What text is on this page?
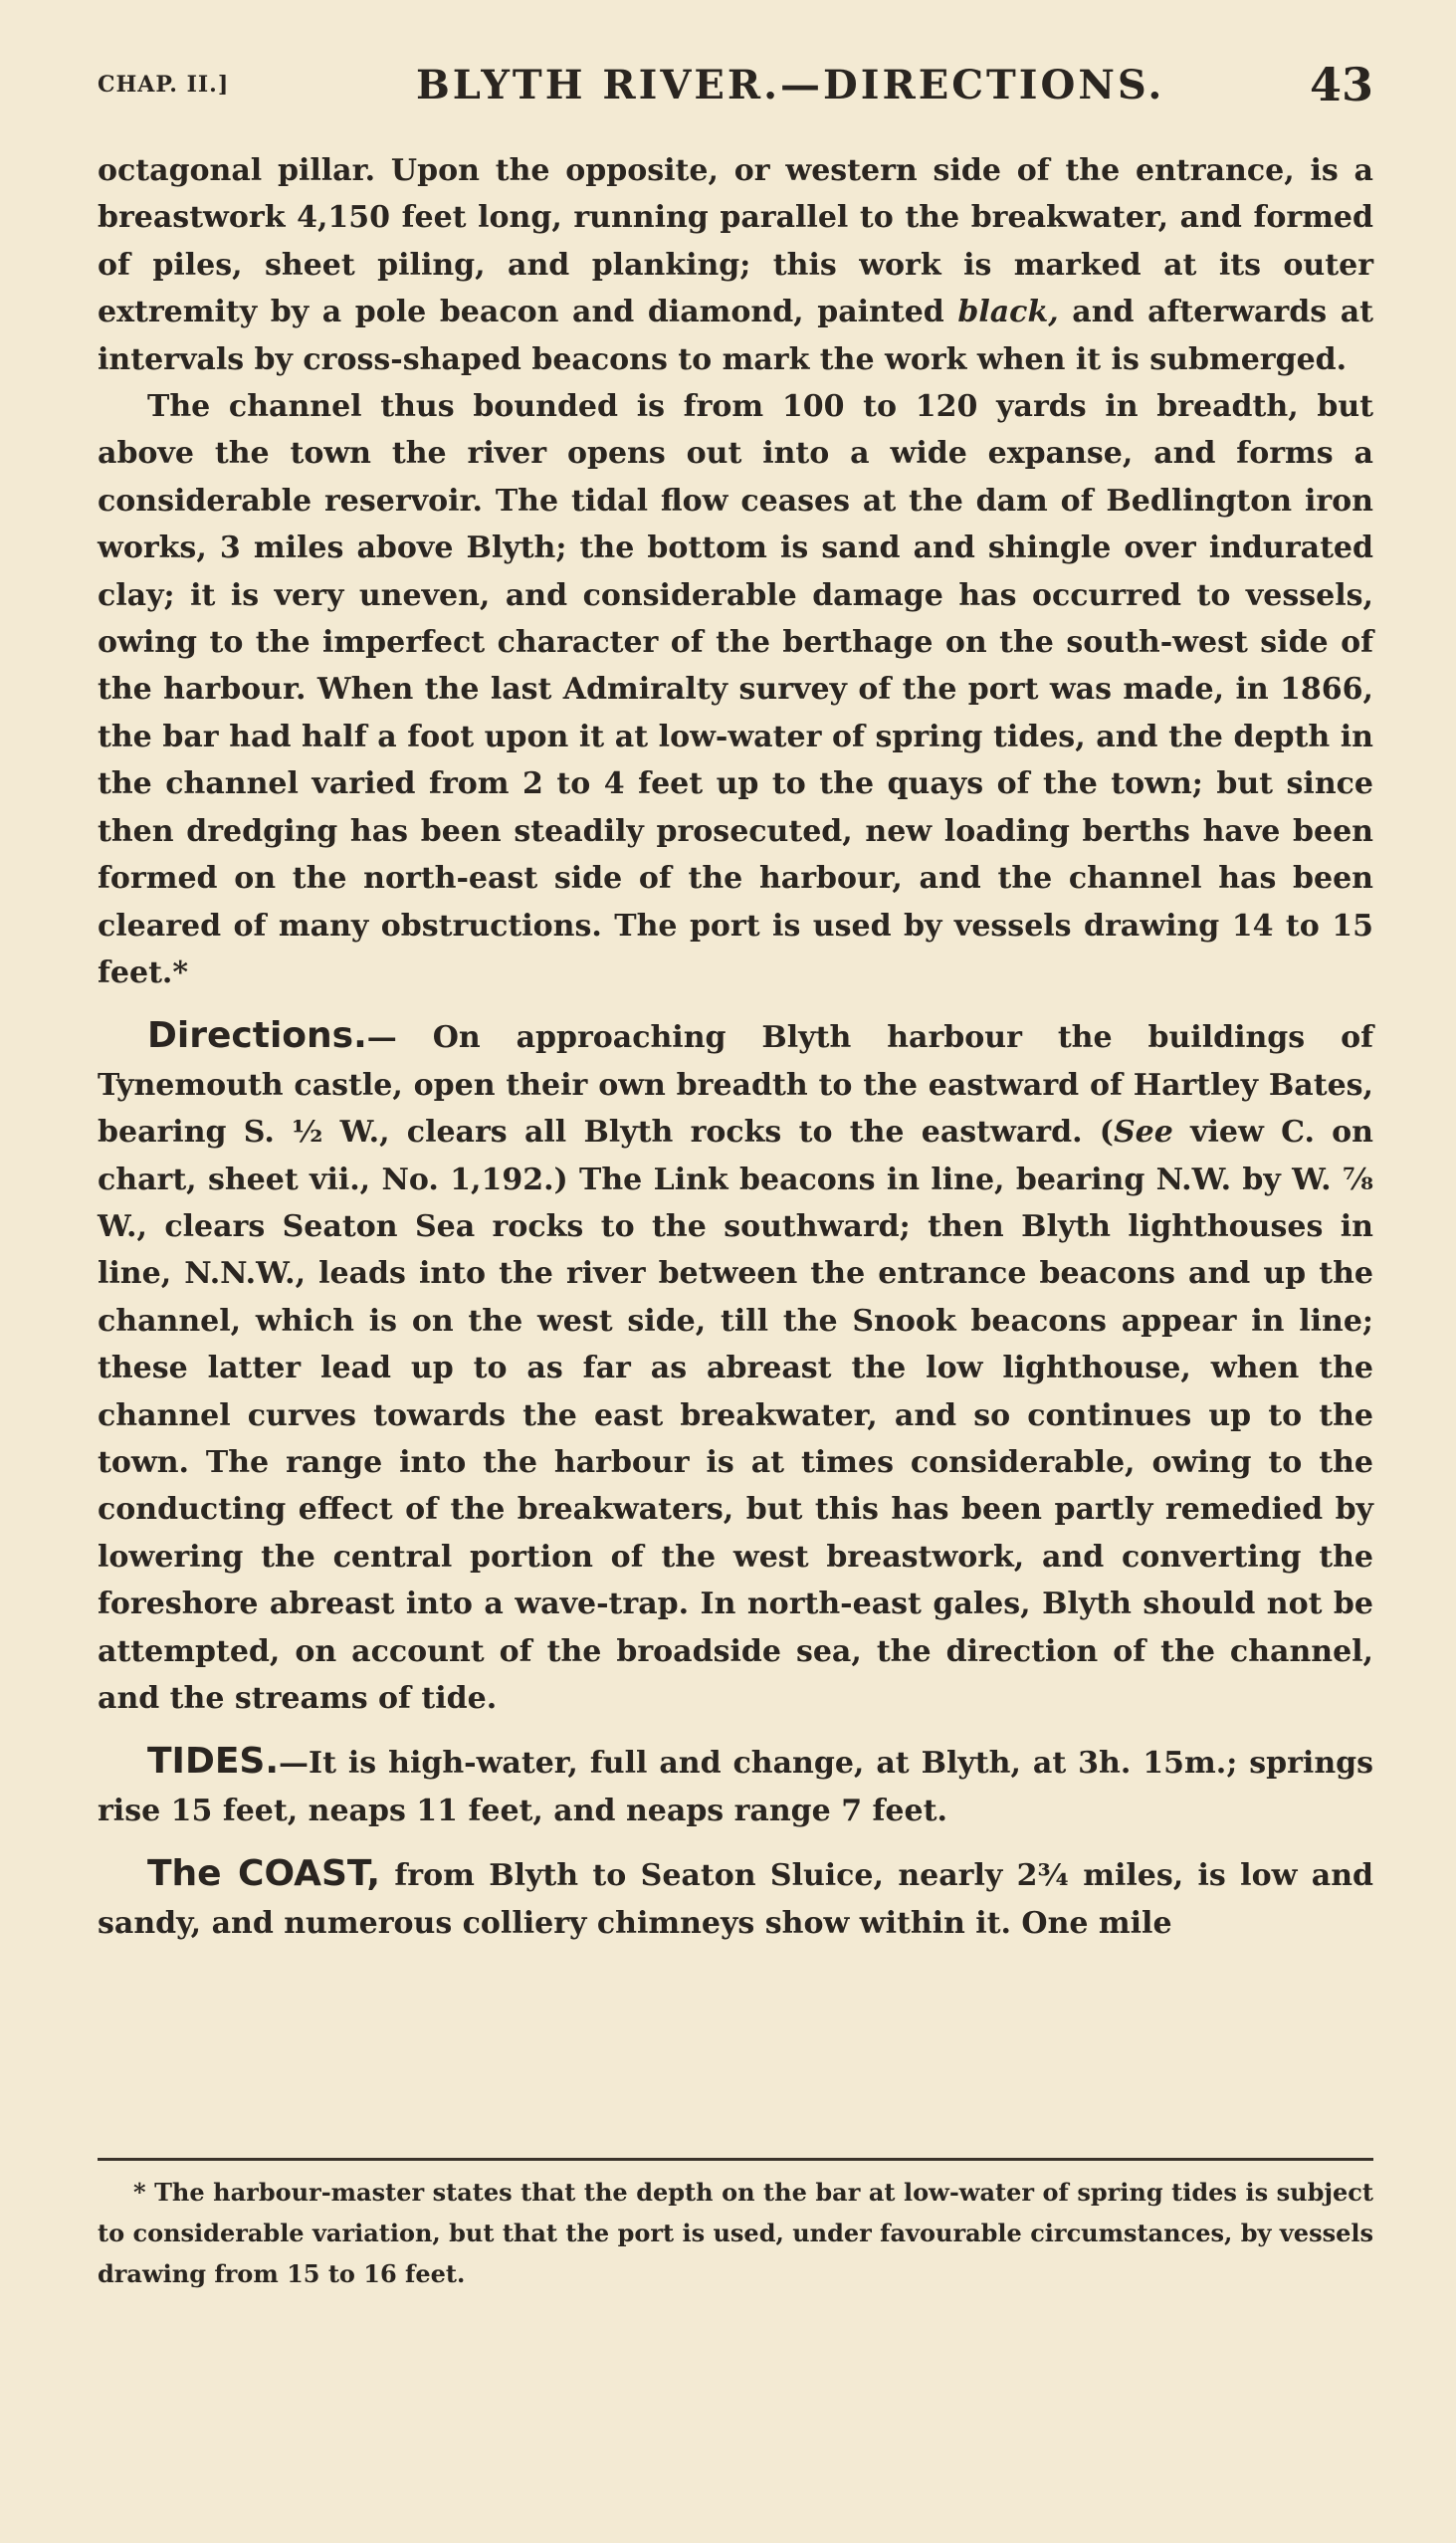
CHAP. II.]	BLYTH RIVER.—DIRECTIONS.	43

octagonal pillar. Upon the opposite, or western side of the entrance, is a breastwork 4,150 feet long, running parallel to the breakwater, and formed of piles, sheet piling, and planking; this work is marked at its outer extremity by a pole beacon and diamond, painted black, and afterwards at intervals by cross-shaped beacons to mark the work when it is submerged.

The channel thus bounded is from 100 to 120 yards in breadth, but above the town the river opens out into a wide expanse, and forms a considerable reservoir. The tidal flow ceases at the dam of Bedlington iron works, 3 miles above Blyth; the bottom is sand and shingle over indurated clay; it is very uneven, and considerable damage has occurred to vessels, owing to the imperfect character of the berthage on the south-west side of the harbour. When the last Admiralty survey of the port was made, in 1866, the bar had half a foot upon it at low-water of spring tides, and the depth in the channel varied from 2 to 4 feet up to the quays of the town; but since then dredging has been steadily prosecuted, new loading berths have been formed on the north-east side of the harbour, and the channel has been cleared of many obstructions. The port is used by vessels drawing 14 to 15 feet.*

Directions.— On approaching Blyth harbour the buildings of Tynemouth castle, open their own breadth to the eastward of Hartley Bates, bearing S. ½ W., clears all Blyth rocks to the eastward. (See view C. on chart, sheet vii., No. 1,192.) The Link beacons in line, bearing N.W. by W. ⅞ W., clears Seaton Sea rocks to the southward; then Blyth lighthouses in line, N.N.W., leads into the river between the entrance beacons and up the channel, which is on the west side, till the Snook beacons appear in line; these latter lead up to as far as abreast the low lighthouse, when the channel curves towards the east breakwater, and so continues up to the town. The range into the harbour is at times considerable, owing to the conducting effect of the breakwaters, but this has been partly remedied by lowering the central portion of the west breastwork, and converting the foreshore abreast into a wave-trap. In north-east gales, Blyth should not be attempted, on account of the broadside sea, the direction of the channel, and the streams of tide.

TIDES.—It is high-water, full and change, at Blyth, at 3h. 15m.; springs rise 15 feet, neaps 11 feet, and neaps range 7 feet.

The COAST, from Blyth to Seaton Sluice, nearly 2¾ miles, is low and sandy, and numerous colliery chimneys show within it. One mile

* The harbour-master states that the depth on the bar at low-water of spring tides is subject to considerable variation, but that the port is used, under favourable circumstances, by vessels drawing from 15 to 16 feet.
